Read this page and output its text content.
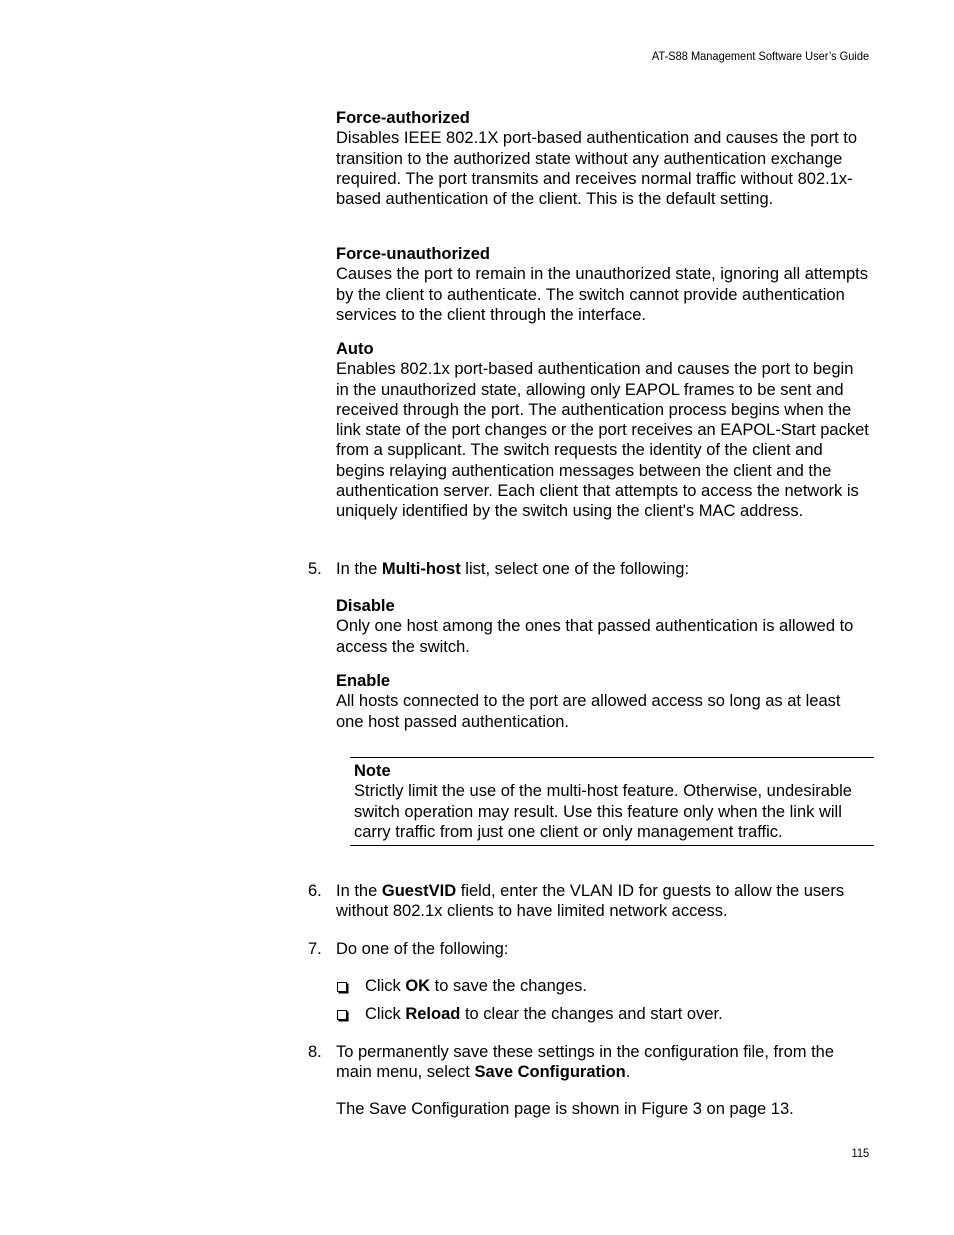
AT-S88 Management Software User’s Guide
Force-authorized
Disables IEEE 802.1X port-based authentication and causes the port to transition to the authorized state without any authentication exchange required. The port transmits and receives normal traffic without 802.1x-based authentication of the client. This is the default setting.
Force-unauthorized
Causes the port to remain in the unauthorized state, ignoring all attempts by the client to authenticate. The switch cannot provide authentication services to the client through the interface.
Auto
Enables 802.1x port-based authentication and causes the port to begin in the unauthorized state, allowing only EAPOL frames to be sent and received through the port. The authentication process begins when the link state of the port changes or the port receives an EAPOL-Start packet from a supplicant. The switch requests the identity of the client and begins relaying authentication messages between the client and the authentication server. Each client that attempts to access the network is uniquely identified by the switch using the client's MAC address.
5. In the Multi-host list, select one of the following:
Disable
Only one host among the ones that passed authentication is allowed to access the switch.
Enable
All hosts connected to the port are allowed access so long as at least one host passed authentication.
Note
Strictly limit the use of the multi-host feature. Otherwise, undesirable switch operation may result. Use this feature only when the link will carry traffic from just one client or only management traffic.
6. In the GuestVID field, enter the VLAN ID for guests to allow the users without 802.1x clients to have limited network access.
7. Do one of the following:
Click OK to save the changes.
Click Reload to clear the changes and start over.
8. To permanently save these settings in the configuration file, from the main menu, select Save Configuration.
The Save Configuration page is shown in Figure 3 on page 13.
115
